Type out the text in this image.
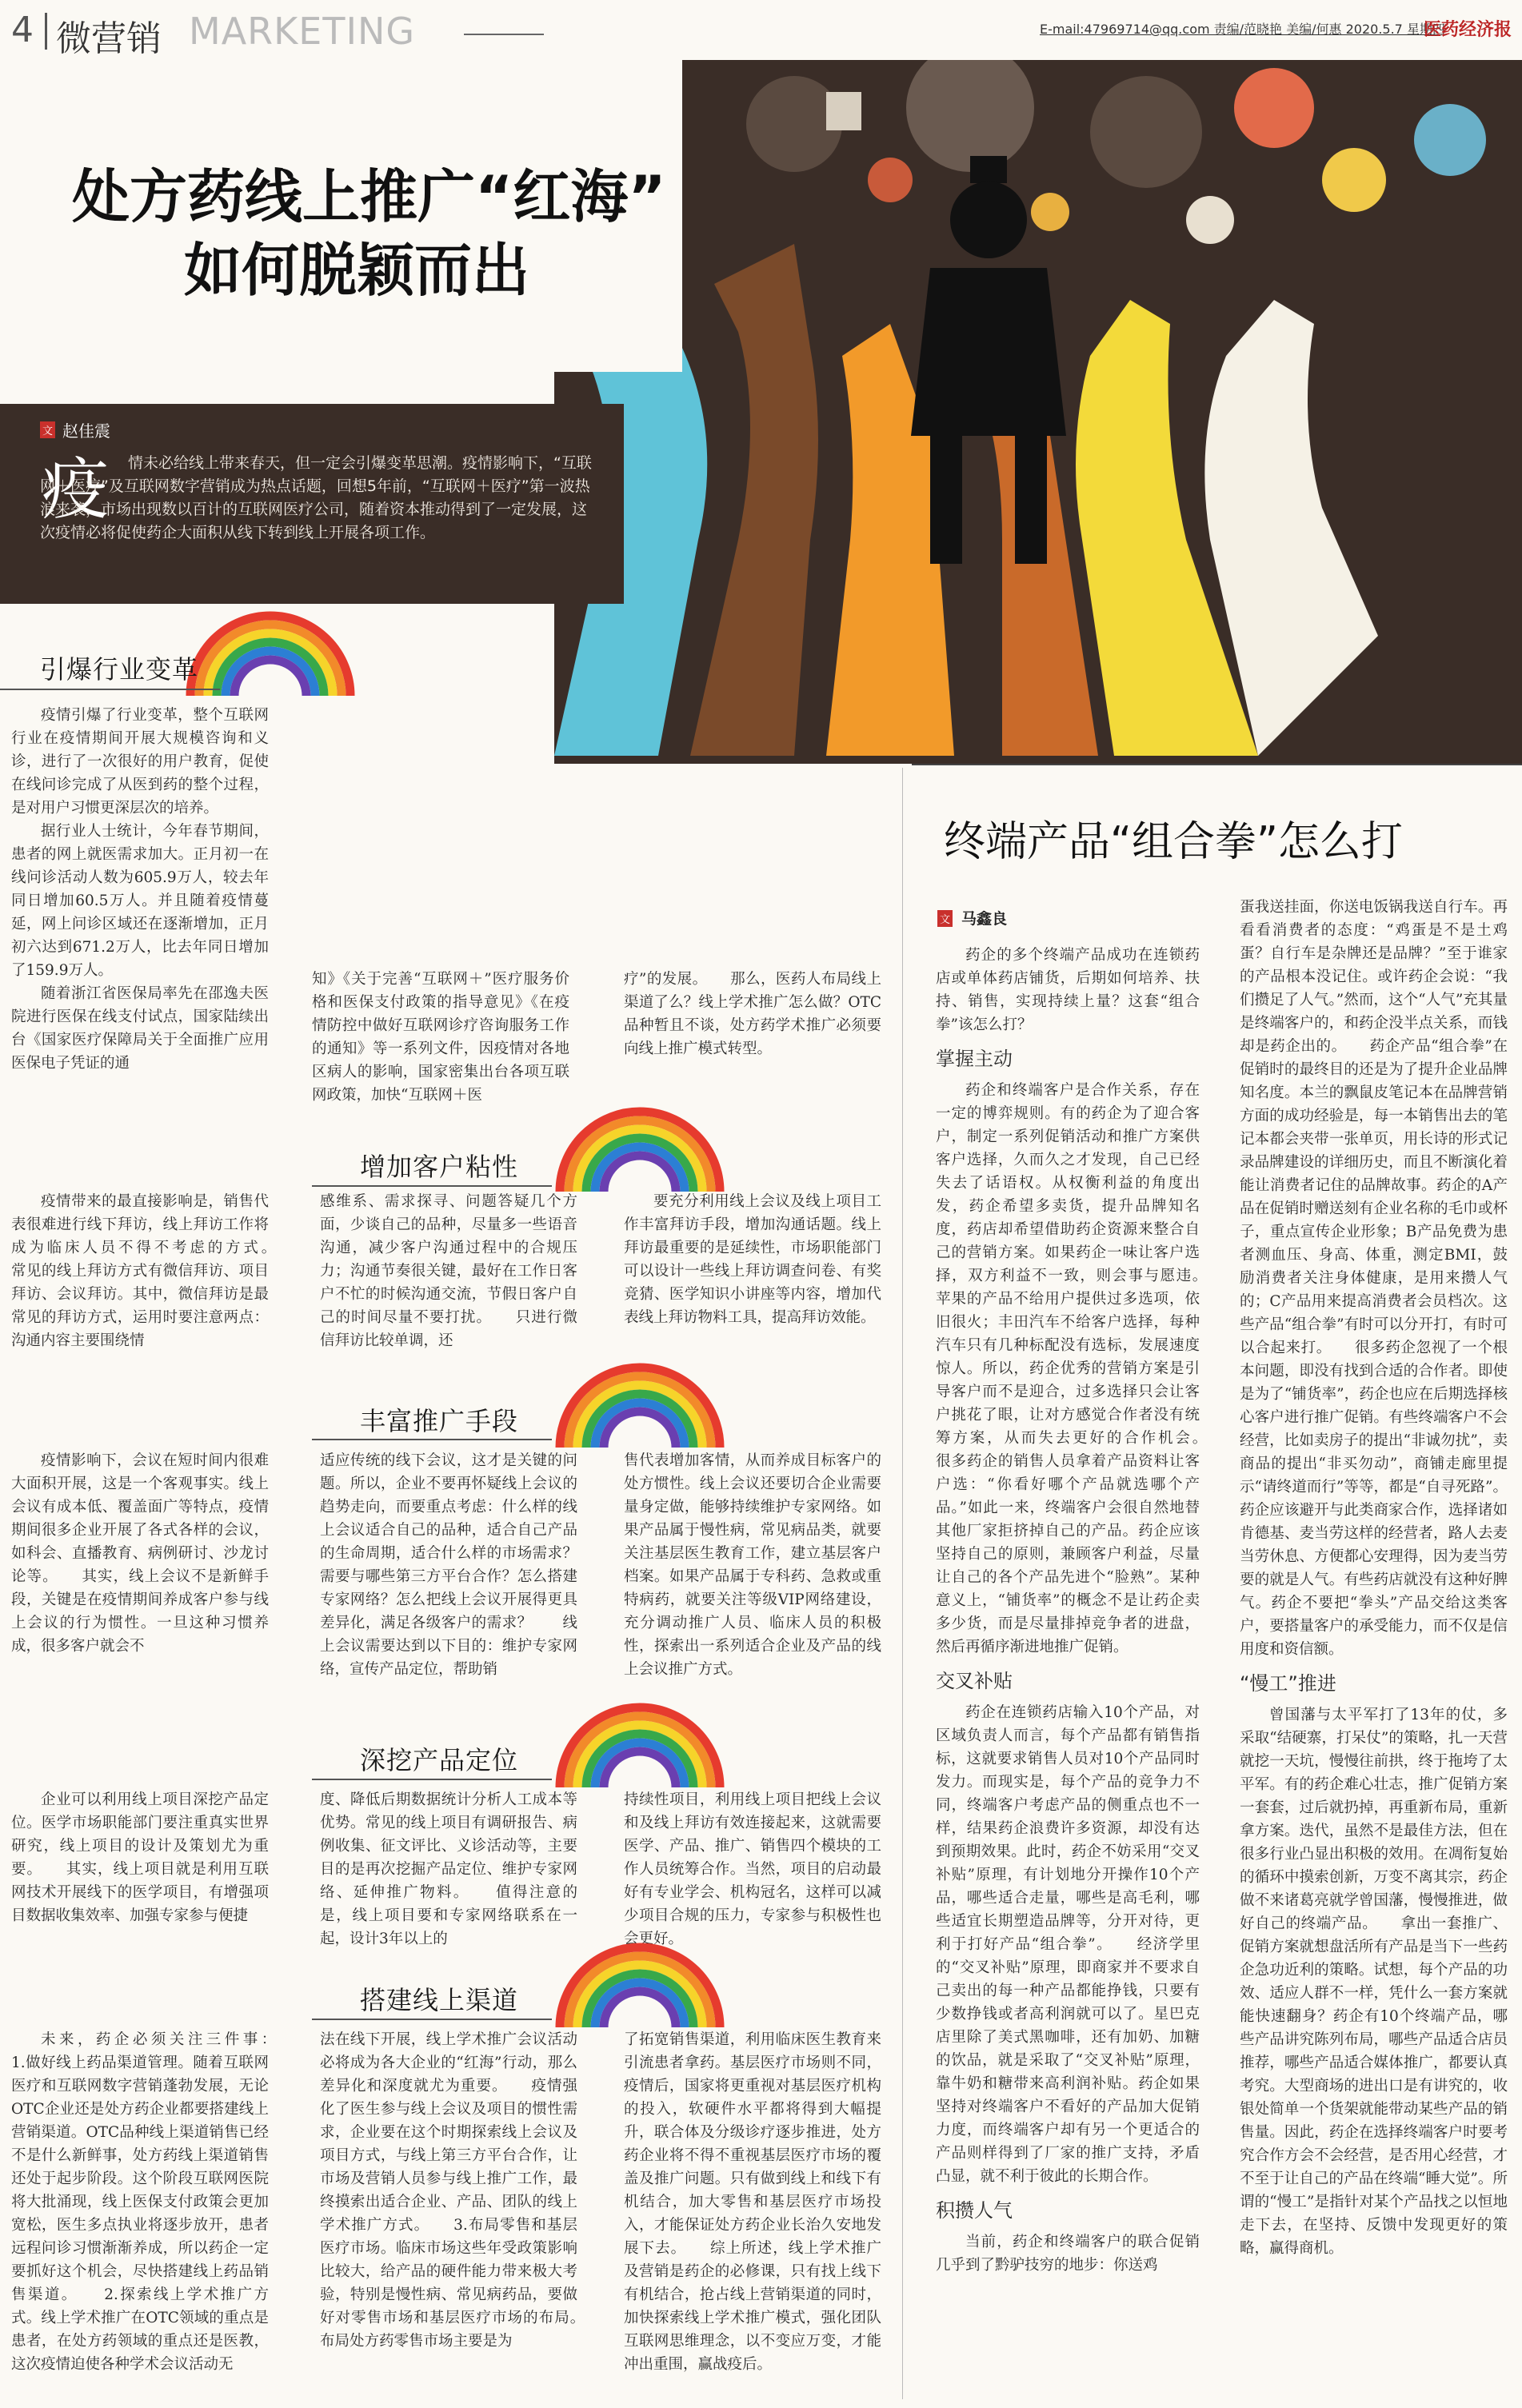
4 微营销 MARKETING	E-mail:47969714@qq.com 责编/范晓艳 美编/何惠 2020.5.7 星期四
医药经济报
处方药线上推广“红海”
如何脱颖而出
文 赵佳震
疫	情未必给线上带来春天，但一定会引爆变革思潮。疫情影响下，“互联网＋医疗”及互联网数字营销成为热点话题，回想5年前，“互联网＋医疗”第一波热浪来袭，市场出现数以百计的互联网医疗公司，随着资本推动得到了一定发展，这次疫情必将促使药企大面积从线下转到线上开展各项工作。
引爆行业变革

疫情引爆了行业变革，整个互联网行业在疫情期间开展大规模咨询和义诊，进行了一次很好的用户教育，促使在线问诊完成了从医到药的整个过程，是对用户习惯更深层次的培养。

据行业人士统计，今年春节期间，患者的网上就医需求加大。正月初一在线问诊活动人数为605.9万人，较去年同日增加60.5万人。并且随着疫情蔓延，网上问诊区域还在逐渐增加，正月初六达到671.2万人，比去年同日增加了159.9万人。

随着浙江省医保局率先在邵逸夫医院进行医保在线支付试点，国家陆续出台《国家医疗保障局关于全面推广应用医保电子凭证的通

知》《关于完善“互联网＋”医疗服务价格和医保支付政策的指导意见》《在疫情防控中做好互联网诊疗咨询服务工作的通知》等一系列文件，因疫情对各地区病人的影响，国家密集出台各项互联网政策，加快“互联网＋医

疗”的发展。　　那么，医药人布局线上渠道了么？线上学术推广怎么做？OTC品种暂且不谈，处方药学术推广必须要向线上推广模式转型。

增加客户粘性

疫情带来的最直接影响是，销售代表很难进行线下拜访，线上拜访工作将成为临床人员不得不考虑的方式。　　常见的线上拜访方式有微信拜访、项目拜访、会议拜访。其中，微信拜访是最常见的拜访方式，运用时要注意两点：沟通内容主要围绕情

感维系、需求探寻、问题答疑几个方面，少谈自己的品种，尽量多一些语音沟通，减少客户沟通过程中的合规压力；沟通节奏很关键，最好在工作日客户不忙的时候沟通交流，节假日客户自己的时间尽量不要打扰。　　只进行微信拜访比较单调，还

要充分利用线上会议及线上项目工作丰富拜访手段，增加沟通话题。线上拜访最重要的是延续性，市场职能部门可以设计一些线上拜访调查问卷、有奖竞猜、医学知识小讲座等内容，增加代表线上拜访物料工具，提高拜访效能。

丰富推广手段

疫情影响下，会议在短时间内很难大面积开展，这是一个客观事实。线上会议有成本低、覆盖面广等特点，疫情期间很多企业开展了各式各样的会议，如科会、直播教育、病例研讨、沙龙讨论等。　　其实，线上会议不是新鲜手段，关键是在疫情期间养成客户参与线上会议的行为惯性。一旦这种习惯养成，很多客户就会不

适应传统的线下会议，这才是关键的问题。所以，企业不要再怀疑线上会议的趋势走向，而要重点考虑：什么样的线上会议适合自己的品种，适合自己产品的生命周期，适合什么样的市场需求？需要与哪些第三方平台合作？怎么搭建专家网络？怎么把线上会议开展得更具差异化，满足各级客户的需求？　　线上会议需要达到以下目的：维护专家网络，宣传产品定位，帮助销

售代表增加客情，从而养成目标客户的处方惯性。线上会议还要切合企业需要量身定做，能够持续维护专家网络。如果产品属于慢性病，常见病品类，就要关注基层医生教育工作，建立基层客户档案。如果产品属于专科药、急救或重特病药，就要关注等级VIP网络建设，充分调动推广人员、临床人员的积极性，探索出一系列适合企业及产品的线上会议推广方式。

深挖产品定位

企业可以利用线上项目深挖产品定位。医学市场职能部门要注重真实世界研究，线上项目的设计及策划尤为重要。　　其实，线上项目就是利用互联网技术开展线下的医学项目，有增强项目数据收集效率、加强专家参与便捷

度、降低后期数据统计分析人工成本等优势。常见的线上项目有调研报告、病例收集、征文评比、义诊活动等，主要目的是再次挖掘产品定位、维护专家网络、延伸推广物料。　　值得注意的是，线上项目要和专家网络联系在一起，设计3年以上的

持续性项目，利用线上项目把线上会议和及线上拜访有效连接起来，这就需要医学、产品、推广、销售四个模块的工作人员统筹合作。当然，项目的启动最好有专业学会、机构冠名，这样可以减少项目合规的压力，专家参与积极性也会更好。

搭建线上渠道

未来，药企必须关注三件事：　　1.做好线上药品渠道管理。随着互联网医疗和互联网数字营销蓬勃发展，无论OTC企业还是处方药企业都要搭建线上营销渠道。OTC品种线上渠道销售已经不是什么新鲜事，处方药线上渠道销售还处于起步阶段。这个阶段互联网医院将大批涌现，线上医保支付政策会更加宽松，医生多点执业将逐步放开，患者远程问诊习惯渐渐养成，所以药企一定要抓好这个机会，尽快搭建线上药品销售渠道。　　2.探索线上学术推广方式。线上学术推广在OTC领域的重点是患者，在处方药领域的重点还是医教，这次疫情迫使各种学术会议活动无

法在线下开展，线上学术推广会议活动必将成为各大企业的“红海”行动，那么差异化和深度就尤为重要。　　疫情强化了医生参与线上会议及项目的惯性需求，企业要在这个时期探索线上会议及项目方式，与线上第三方平台合作，让市场及营销人员参与线上推广工作，最终摸索出适合企业、产品、团队的线上学术推广方式。　　3.布局零售和基层医疗市场。临床市场这些年受政策影响比较大，给产品的硬件能力带来极大考验，特别是慢性病、常见病药品，要做好对零售市场和基层医疗市场的布局。　　布局处方药零售市场主要是为

了拓宽销售渠道，利用临床医生教育来引流患者拿药。基层医疗市场则不同，疫情后，国家将更重视对基层医疗机构的投入，软硬件水平都将得到大幅提升，联合体及分级诊疗逐步推进，处方药企业将不得不重视基层医疗市场的覆盖及推广问题。只有做到线上和线下有机结合，加大零售和基层医疗市场投入，才能保证处方药企业长治久安地发展下去。　　综上所述，线上学术推广及营销是药企的必修课，只有找上线下有机结合，抢占线上营销渠道的同时，加快探索线上学术推广模式，强化团队互联网思维理念，以不变应万变，才能冲出重围，赢战疫后。

终端产品“组合拳”怎么打
文 马鑫良

药企的多个终端产品成功在连锁药店或单体药店铺货，后期如何培养、扶持、销售，实现持续上量？这套“组合拳”该怎么打？

掌握主动

药企和终端客户是合作关系，存在一定的博弈规则。有的药企为了迎合客户，制定一系列促销活动和推广方案供客户选择，久而久之才发现，自己已经失去了话语权。从权衡利益的角度出发，药企希望多卖货，提升品牌知名度，药店却希望借助药企资源来整合自己的营销方案。如果药企一味让客户选择，双方利益不一致，则会事与愿违。　　苹果的产品不给用户提供过多选项，依旧很火；丰田汽车不给客户选择，每种汽车只有几种标配没有选标，发展速度惊人。所以，药企优秀的营销方案是引导客户而不是迎合，过多选择只会让客户挑花了眼，让对方感觉合作者没有统筹方案，从而失去更好的合作机会。　　很多药企的销售人员拿着产品资料让客户选：“你看好哪个产品就选哪个产品。”如此一来，终端客户会很自然地替其他厂家拒挤掉自己的产品。药企应该坚持自己的原则，兼顾客户利益，尽量让自己的各个产品先进个“脸熟”。某种意义上，“铺货率”的概念不是让药企卖多少货，而是尽量排掉竞争者的进盘，然后再循序渐进地推广促销。

交叉补贴

药企在连锁药店输入10个产品，对区域负责人而言，每个产品都有销售指标，这就要求销售人员对10个产品同时发力。而现实是，每个产品的竞争力不同，终端客户考虑产品的侧重点也不一样，结果药企浪费许多资源，却没有达到预期效果。此时，药企不妨采用“交叉补贴”原理，有计划地分开操作10个产品，哪些适合走量，哪些是高毛利，哪些适宜长期塑造品牌等，分开对待，更利于打好产品“组合拳”。　　经济学里的“交叉补贴”原理，即商家并不要求自己卖出的每一种产品都能挣钱，只要有少数挣钱或者高利润就可以了。星巴克店里除了美式黑咖啡，还有加奶、加糖的饮品，就是采取了“交叉补贴”原理，靠牛奶和糖带来高利润补贴。药企如果坚持对终端客户不看好的产品加大促销力度，而终端客户却有另一个更适合的产品则样得到了厂家的推广支持，矛盾凸显，就不利于彼此的长期合作。

积攒人气

当前，药企和终端客户的联合促销几乎到了黔驴技穷的地步：你送鸡

蛋我送挂面，你送电饭锅我送自行车。再看看消费者的态度：“鸡蛋是不是土鸡蛋？自行车是杂牌还是品牌？”至于谁家的产品根本没记住。或许药企会说：“我们攒足了人气。”然而，这个“人气”充其量是终端客户的，和药企没半点关系，而钱却是药企出的。　　药企产品“组合拳”在促销时的最终目的还是为了提升企业品牌知名度。本兰的飘鼠皮笔记本在品牌营销方面的成功经验是，每一本销售出去的笔记本都会夹带一张单页，用长诗的形式记录品牌建设的详细历史，而且不断演化着能让消费者记住的品牌故事。药企的A产品在促销时赠送刻有企业名称的毛巾或杯子，重点宣传企业形象；B产品免费为患者测血压、身高、体重，测定BMI，鼓励消费者关注身体健康，是用来攒人气的；C产品用来提高消费者会员档次。这些产品“组合拳”有时可以分开打，有时可以合起来打。　　很多药企忽视了一个根本问题，即没有找到合适的合作者。即使是为了“铺货率”，药企也应在后期选择核心客户进行推广促销。有些终端客户不会经营，比如卖房子的提出“非诚勿扰”，卖商品的提出“非买勿动”，商铺走廊里提示“请终道而行”等等，都是“自寻死路”。药企应该避开与此类商家合作，选择诸如肯德基、麦当劳这样的经营者，路人去麦当劳休息、方便都心安理得，因为麦当劳要的就是人气。有些药店就没有这种好脾气。药企不要把“拳头”产品交给这类客户，要搭量客户的承受能力，而不仅是信用度和资信额。

“慢工”推进

曾国藩与太平军打了13年的仗，多采取“结硬寨，打呆仗”的策略，扎一天营就挖一天坑，慢慢往前拱，终于拖垮了太平军。有的药企难心壮志，推广促销方案一套套，过后就扔掉，再重新布局，重新拿方案。迭代，虽然不是最佳方法，但在很多行业凸显出积极的效用。在凋衔复始的循环中摸索创新，万变不离其宗，药企做不来诸葛亮就学曾国藩，慢慢推进，做好自己的终端产品。　　拿出一套推广、促销方案就想盘活所有产品是当下一些药企急功近利的策略。试想，每个产品的功效、适应人群不一样，凭什么一套方案就能快速翻身？药企有10个终端产品，哪些产品讲究陈列布局，哪些产品适合店员推荐，哪些产品适合媒体推广，都要认真考究。大型商场的进出口是有讲究的，收银处简单一个货架就能带动某些产品的销售量。因此，药企在选择终端客户时要考究合作方会不会经营，是否用心经营，才不至于让自己的产品在终端“睡大觉”。所谓的“慢工”是指针对某个产品找之以恒地走下去，在坚持、反馈中发现更好的策略，赢得商机。
